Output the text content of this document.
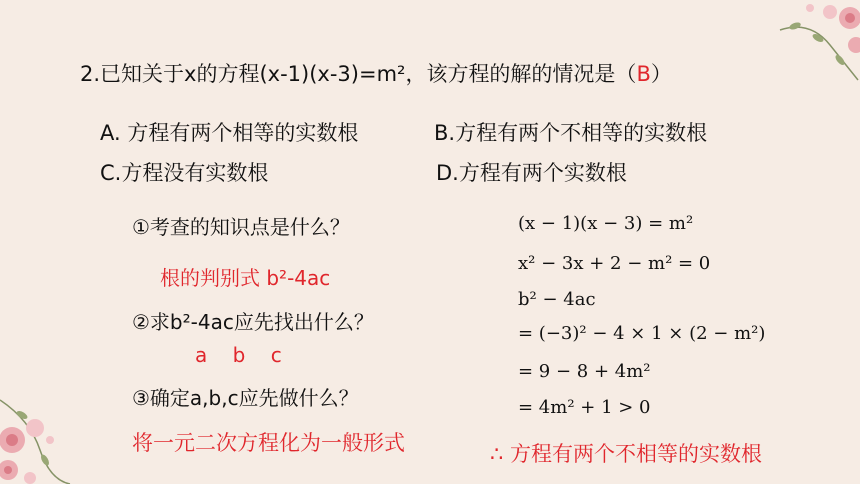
2.已知关于x的方程(x-1)(x-3)=m²，该方程的解的情况是（B）
A. 方程有两个相等的实数根	B.方程有两个不相等的实数根
C.方程没有实数根	D.方程有两个实数根
①考查的知识点是什么？
根的判别式 b²-4ac
②求b²-4ac应先找出什么？
a    b    c
③确定a,b,c应先做什么？
将一元二次方程化为一般形式
(x − 1)(x − 3) = m²
x² − 3x + 2 − m² = 0
b² − 4ac
= (−3)² − 4 × 1 × (2 − m²)
= 9 − 8 + 4m²
= 4m² + 1 > 0
∴ 方程有两个不相等的实数根
